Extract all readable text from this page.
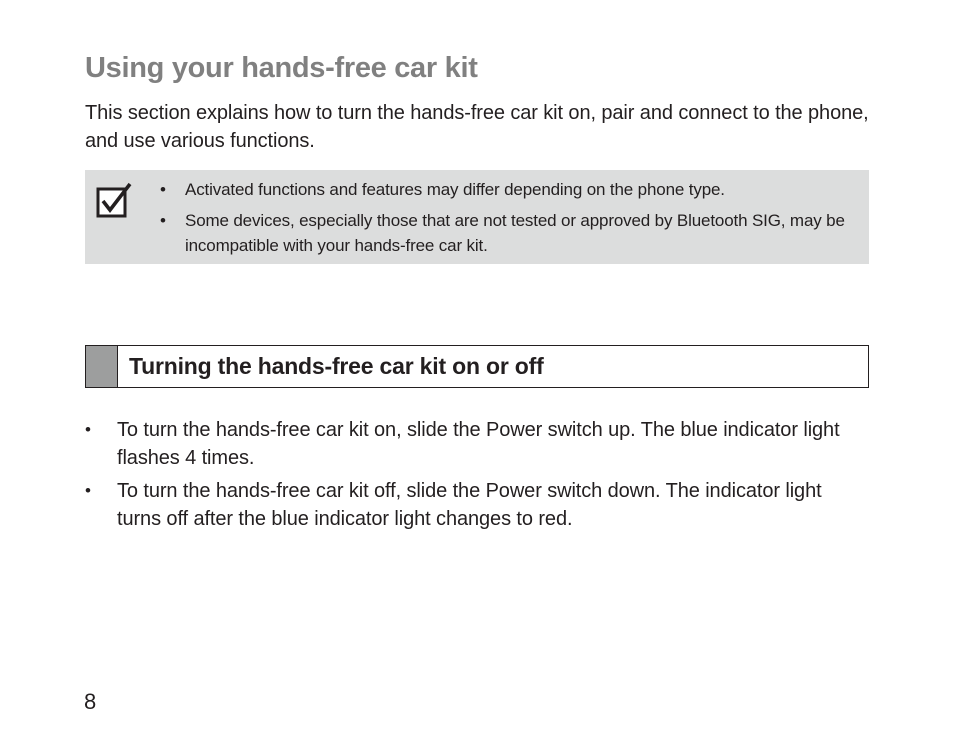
Using your hands-free car kit

This section explains how to turn the hands-free car kit on, pair and connect to the phone, and use various functions.

• Activated functions and features may differ depending on the phone type.
• Some devices, especially those that are not tested or approved by Bluetooth SIG, may be incompatible with your hands-free car kit.
Turning the hands-free car kit on or off
• To turn the hands-free car kit on, slide the Power switch up. The blue indicator light flashes 4 times.
• To turn the hands-free car kit off, slide the Power switch down. The indicator light turns off after the blue indicator light changes to red.

8
